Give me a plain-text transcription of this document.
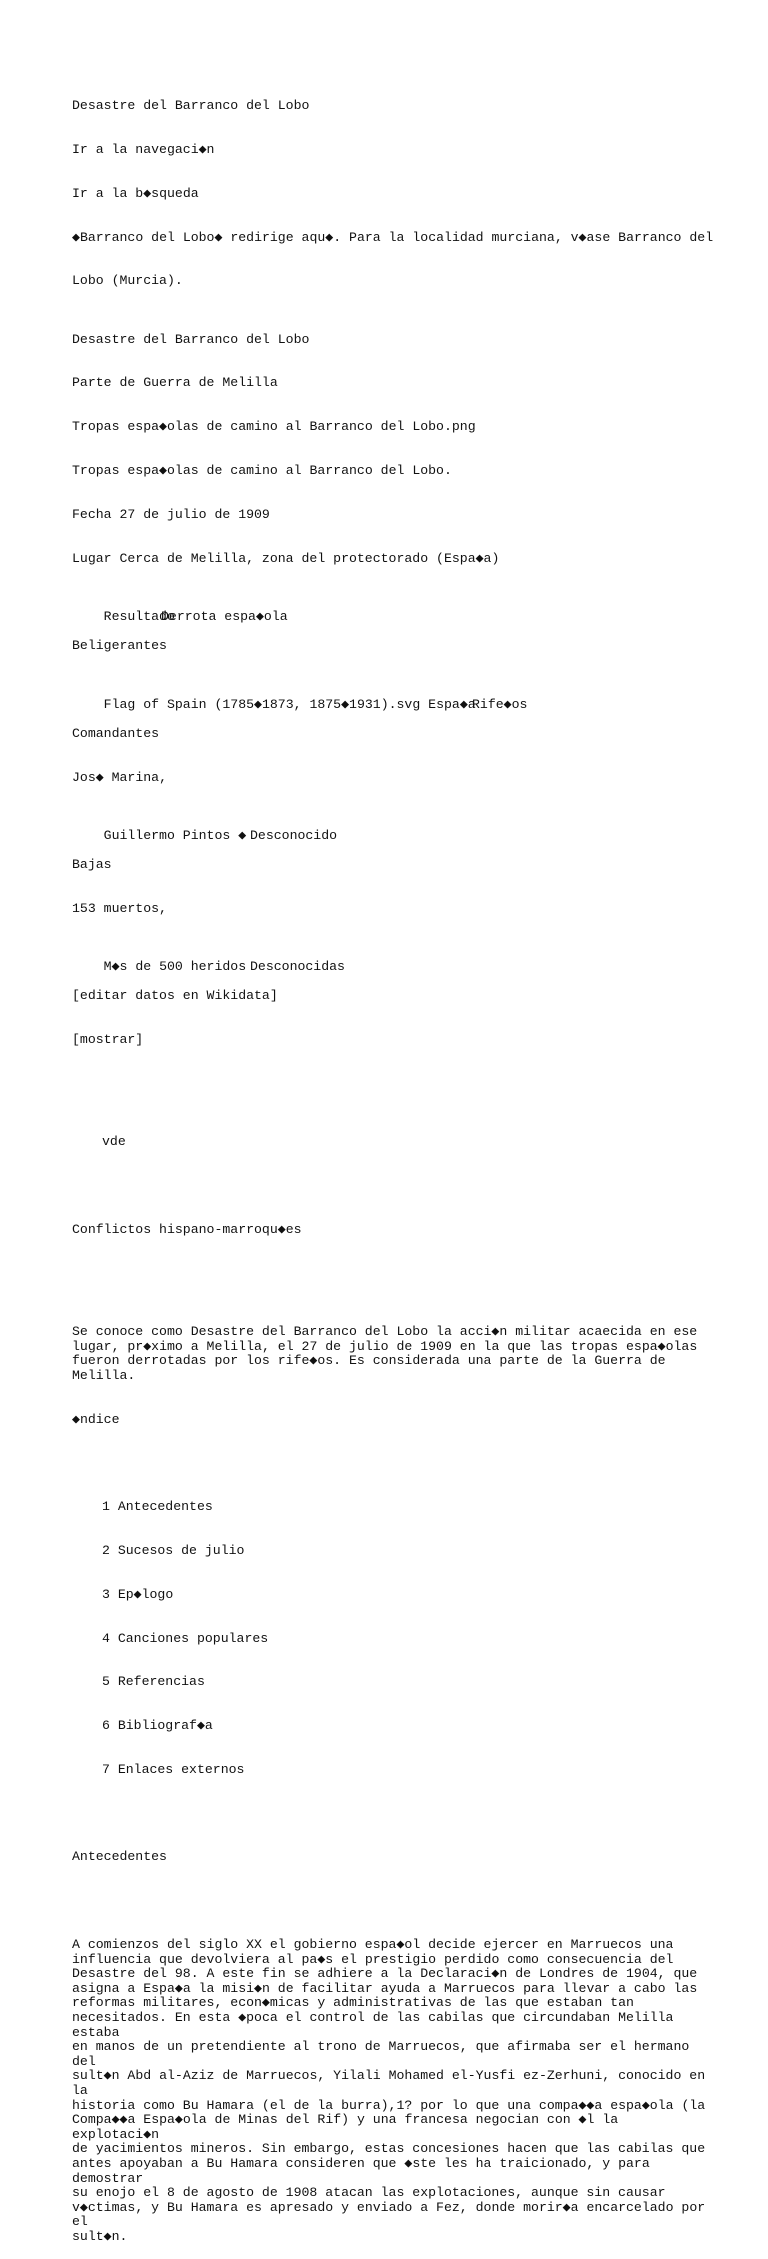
Desastre del Barranco del Lobo

Ir a la navegaci◆n

Ir a la b◆squeda

◆Barranco del Lobo◆ redirige aqu◆. Para la localidad murciana, v◆ase Barranco del

Lobo (Murcia).

Desastre del Barranco del Lobo

Parte de Guerra de Melilla

Tropas espa◆olas de camino al Barranco del Lobo.png

Tropas espa◆olas de camino al Barranco del Lobo.

Fecha 27 de julio de 1909

Lugar Cerca de Melilla, zona del protectorado (Espa◆a)

Resultado
Derrota espa◆ola

Beligerantes

Flag of Spain (1785◆1873, 1875◆1931).svg Espa◆a
Rife◆os

Comandantes

Jos◆ Marina,

Guillermo Pintos ◆ Desconocido

Bajas

153 muertos,

M◆s de 500 heridos Desconocidas

[editar datos en Wikidata]

[mostrar]

vde

Conflictos hispano-marroqu◆es

Se conoce como Desastre del Barranco del Lobo la acci◆n militar acaecida en ese
lugar, pr◆ximo a Melilla, el 27 de julio de 1909 en la que las tropas espa◆olas
fueron derrotadas por los rife◆os. Es considerada una parte de la Guerra de
Melilla.

◆ndice

1 Antecedentes

2 Sucesos de julio

3 Ep◆logo

4 Canciones populares

5 Referencias

6 Bibliograf◆a

7 Enlaces externos

Antecedentes

A comienzos del siglo XX el gobierno espa◆ol decide ejercer en Marruecos una
influencia que devolviera al pa◆s el prestigio perdido como consecuencia del
Desastre del 98. A este fin se adhiere a la Declaraci◆n de Londres de 1904, que
asigna a Espa◆a la misi◆n de facilitar ayuda a Marruecos para llevar a cabo las
reformas militares, econ◆micas y administrativas de las que estaban tan
necesitados. En esta ◆poca el control de las cabilas que circundaban Melilla estaba
en manos de un pretendiente al trono de Marruecos, que afirmaba ser el hermano del
sult◆n Abd al-Aziz de Marruecos, Yilali Mohamed el-Yusfi ez-Zerhuni, conocido en la
historia como Bu Hamara (el de la burra),1? por lo que una compa◆◆a espa◆ola (la
Compa◆◆a Espa◆ola de Minas del Rif) y una francesa negocian con ◆l la explotaci◆n
de yacimientos mineros. Sin embargo, estas concesiones hacen que las cabilas que
antes apoyaban a Bu Hamara consideren que ◆ste les ha traicionado, y para demostrar
su enojo el 8 de agosto de 1908 atacan las explotaciones, aunque sin causar
v◆ctimas, y Bu Hamara es apresado y enviado a Fez, donde morir◆a encarcelado por el
sult◆n.
